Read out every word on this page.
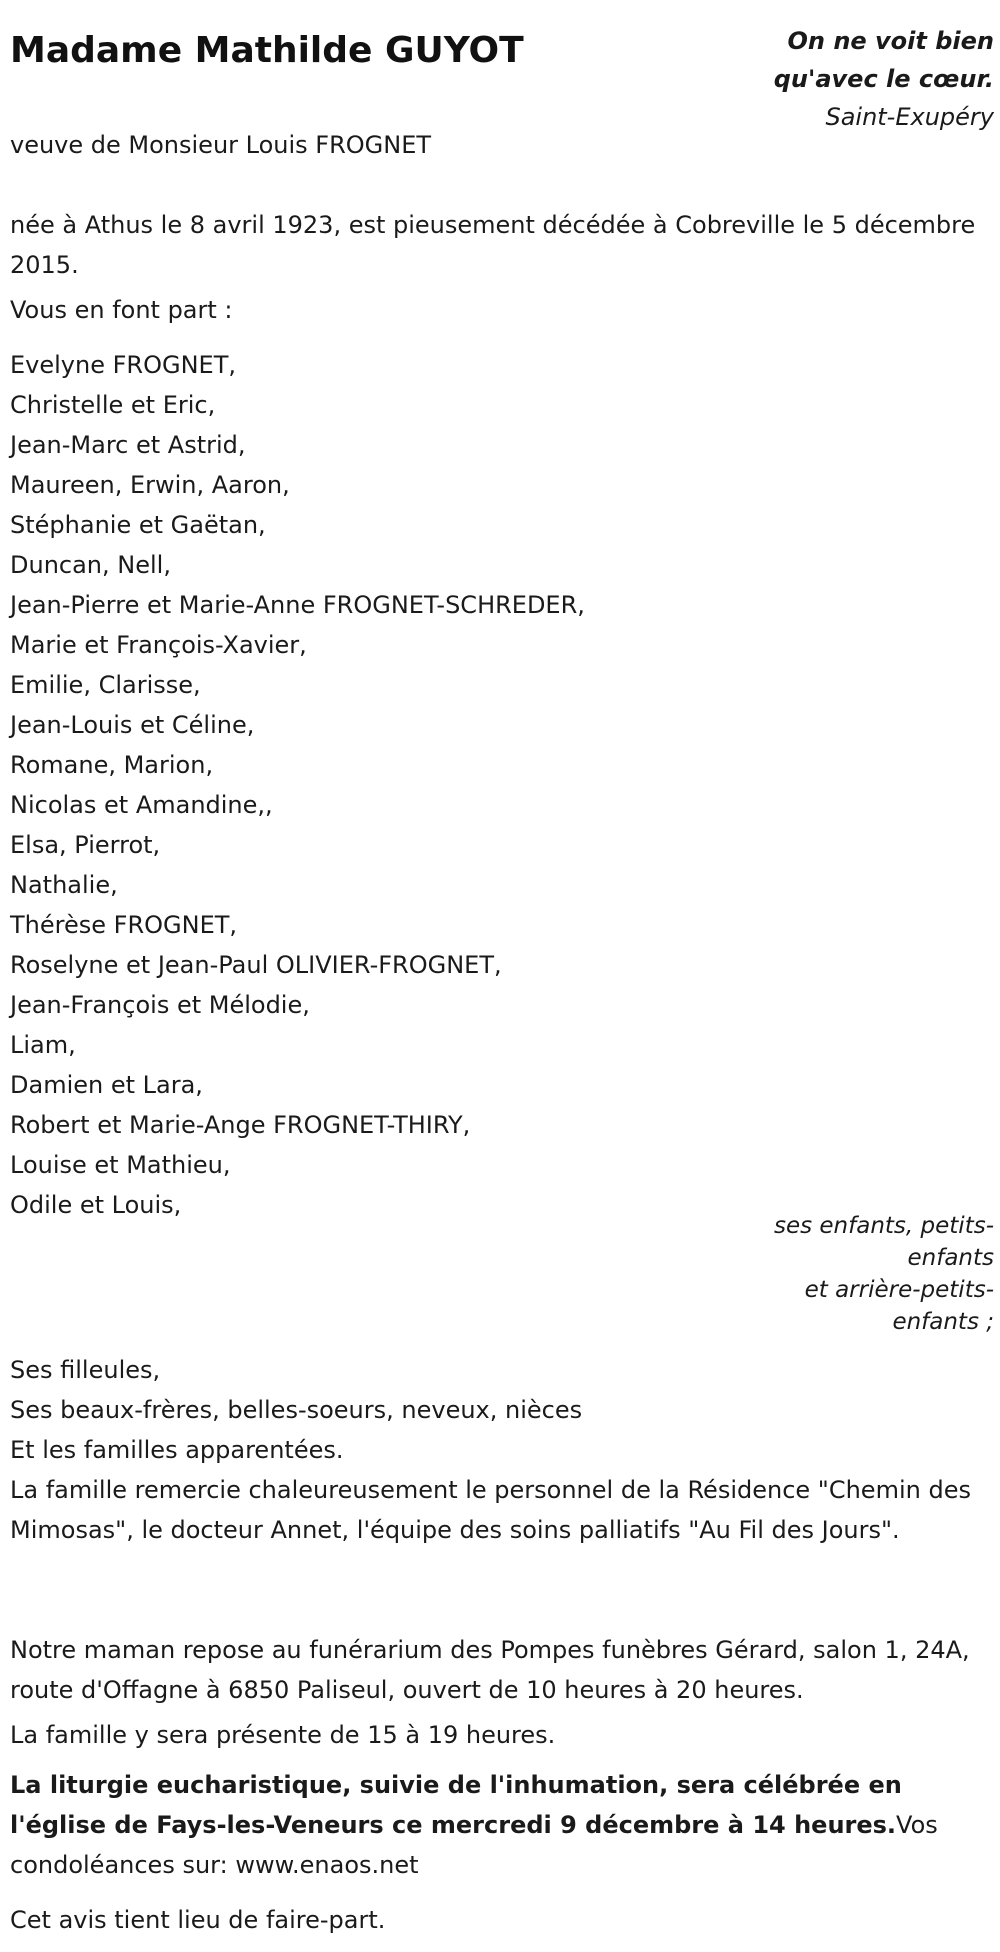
Madame Mathilde GUYOT	On ne voit bien
qu'avec le cœur.
Saint-Exupéry
veuve de Monsieur Louis FROGNET
née à Athus le 8 avril 1923, est pieusement décédée à Cobreville le 5 décembre 2015.
Vous en font part :
Evelyne FROGNET,
Christelle et Eric,
Jean-Marc et Astrid,
Maureen, Erwin, Aaron,
Stéphanie et Gaëtan,
Duncan, Nell,
Jean-Pierre et Marie-Anne FROGNET-SCHREDER,
Marie et François-Xavier,
Emilie, Clarisse,
Jean-Louis et Céline,
Romane, Marion,
Nicolas et Amandine,,
Elsa, Pierrot,
Nathalie,
Thérèse FROGNET,
Roselyne et Jean-Paul OLIVIER-FROGNET,
Jean-François et Mélodie,
Liam,
Damien et Lara,
Robert et Marie-Ange FROGNET-THIRY,
Louise et Mathieu,
Odile et Louis,
ses enfants, petits-enfants
et arrière-petits-enfants ;
Ses filleules,
Ses beaux-frères, belles-soeurs, neveux, nièces
Et les familles apparentées.
La famille remercie chaleureusement le personnel de la Résidence "Chemin des Mimosas", le docteur Annet, l'équipe des soins palliatifs "Au Fil des Jours".
Notre maman repose au funérarium des Pompes funèbres Gérard, salon 1, 24A, route d'Offagne à 6850 Paliseul, ouvert de 10 heures à 20 heures.
La famille y sera présente de 15 à 19 heures.
La liturgie eucharistique, suivie de l'inhumation, sera célébrée en l'église de Fays-les-Veneurs ce mercredi 9 décembre à 14 heures.Vos condoléances sur: www.enaos.net
Cet avis tient lieu de faire-part.
